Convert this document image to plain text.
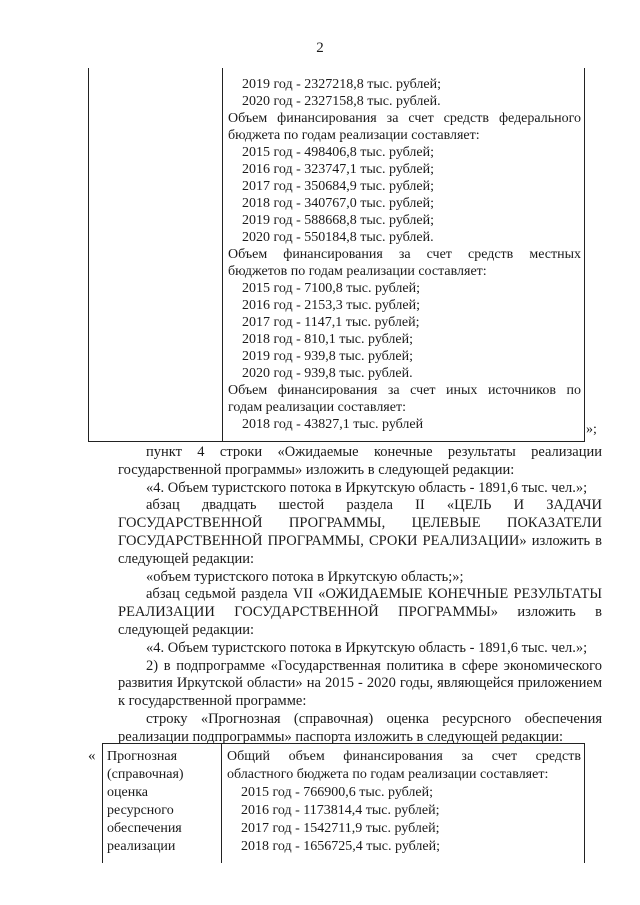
2
2019 год - 2327218,8 тыс. рублей;
2020 год - 2327158,8 тыс. рублей.
Объем финансирования за счет средств федерального
бюджета по годам реализации составляет:
2015 год - 498406,8 тыс. рублей;
2016 год - 323747,1 тыс. рублей;
2017 год - 350684,9 тыс. рублей;
2018 год - 340767,0 тыс. рублей;
2019 год - 588668,8 тыс. рублей;
2020 год - 550184,8 тыс. рублей.
Объем финансирования за счет средств местных
бюджетов по годам реализации составляет:
2015 год - 7100,8 тыс. рублей;
2016 год - 2153,3 тыс. рублей;
2017 год - 1147,1 тыс. рублей;
2018 год - 810,1 тыс. рублей;
2019 год - 939,8 тыс. рублей;
2020 год - 939,8 тыс. рублей.
Объем финансирования за счет иных источников по
годам реализации составляет:
2018 год - 43827,1 тыс. рублей	»;
пункт 4 строки «Ожидаемые конечные результаты реализации
государственной программы» изложить в следующей редакции:
«4. Объем туристского потока в Иркутскую область - 1891,6 тыс. чел.»;
абзац двадцать шестой раздела II «ЦЕЛЬ И ЗАДАЧИ
ГОСУДАРСТВЕННОЙ ПРОГРАММЫ, ЦЕЛЕВЫЕ ПОКАЗАТЕЛИ
ГОСУДАРСТВЕННОЙ ПРОГРАММЫ, СРОКИ РЕАЛИЗАЦИИ» изложить в
следующей редакции:
«объем туристского потока в Иркутскую область;»;
абзац седьмой раздела VII «ОЖИДАЕМЫЕ КОНЕЧНЫЕ РЕЗУЛЬТАТЫ
РЕАЛИЗАЦИИ ГОСУДАРСТВЕННОЙ ПРОГРАММЫ» изложить в
следующей редакции:
«4. Объем туристского потока в Иркутскую область - 1891,6 тыс. чел.»;
2) в подпрограмме «Государственная политика в сфере экономического
развития Иркутской области» на 2015 - 2020 годы, являющейся приложением
к государственной программе:
строку «Прогнозная (справочная) оценка ресурсного обеспечения
реализации подпрограммы» паспорта изложить в следующей редакции:
« Прогнозная
(справочная)
оценка
ресурсного
обеспечения
реализации
Общий объем финансирования за счет средств
областного бюджета по годам реализации составляет:
2015 год - 766900,6 тыс. рублей;
2016 год - 1173814,4 тыс. рублей;
2017 год - 1542711,9 тыс. рублей;
2018 год - 1656725,4 тыс. рублей;
